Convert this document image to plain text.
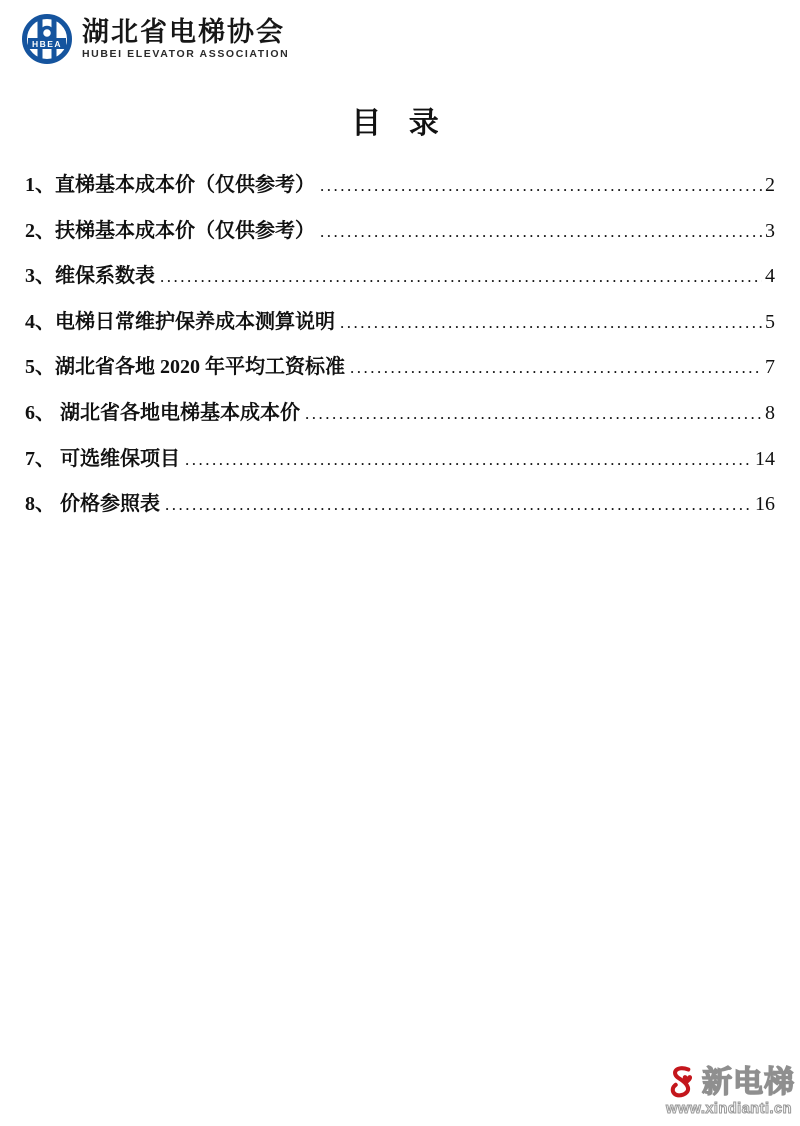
HBEA 湖北省电梯协会
HUBEI ELEVATOR ASSOCIATION
目 录
1、直梯基本成本价（仅供参考） .....	2
2、扶梯基本成本价（仅供参考） .....	3
3、维保系数表 .....	4
4、电梯日常维护保养成本测算说明 .....	5
5、湖北省各地 2020 年平均工资标准 .....	7
6、 湖北省各地电梯基本成本价 .....	8
7、 可选维保项目 .....	14
8、 价格参照表 .....	16
新电梯
www.xindianti.cn
